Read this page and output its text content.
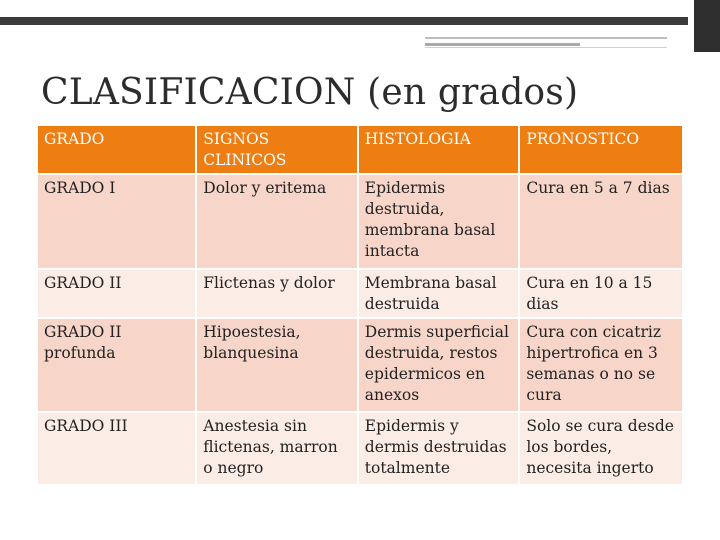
CLASIFICACION (en grados)
GRADO	SIGNOS CLINICOS	HISTOLOGIA	PRONOSTICO
GRADO I	Dolor y eritema	Epidermis destruida, membrana basal intacta	Cura en 5 a 7 dias
GRADO II	Flictenas y dolor	Membrana basal destruida	Cura en 10 a 15 dias
GRADO II profunda	Hipoestesia, blanquesina	Dermis superficial destruida, restos epidermicos en anexos	Cura con cicatriz hipertrofica en 3 semanas o no se cura
GRADO III	Anestesia sin flictenas, marron o negro	Epidermis y dermis destruidas totalmente	Solo se cura desde los bordes, necesita ingerto
